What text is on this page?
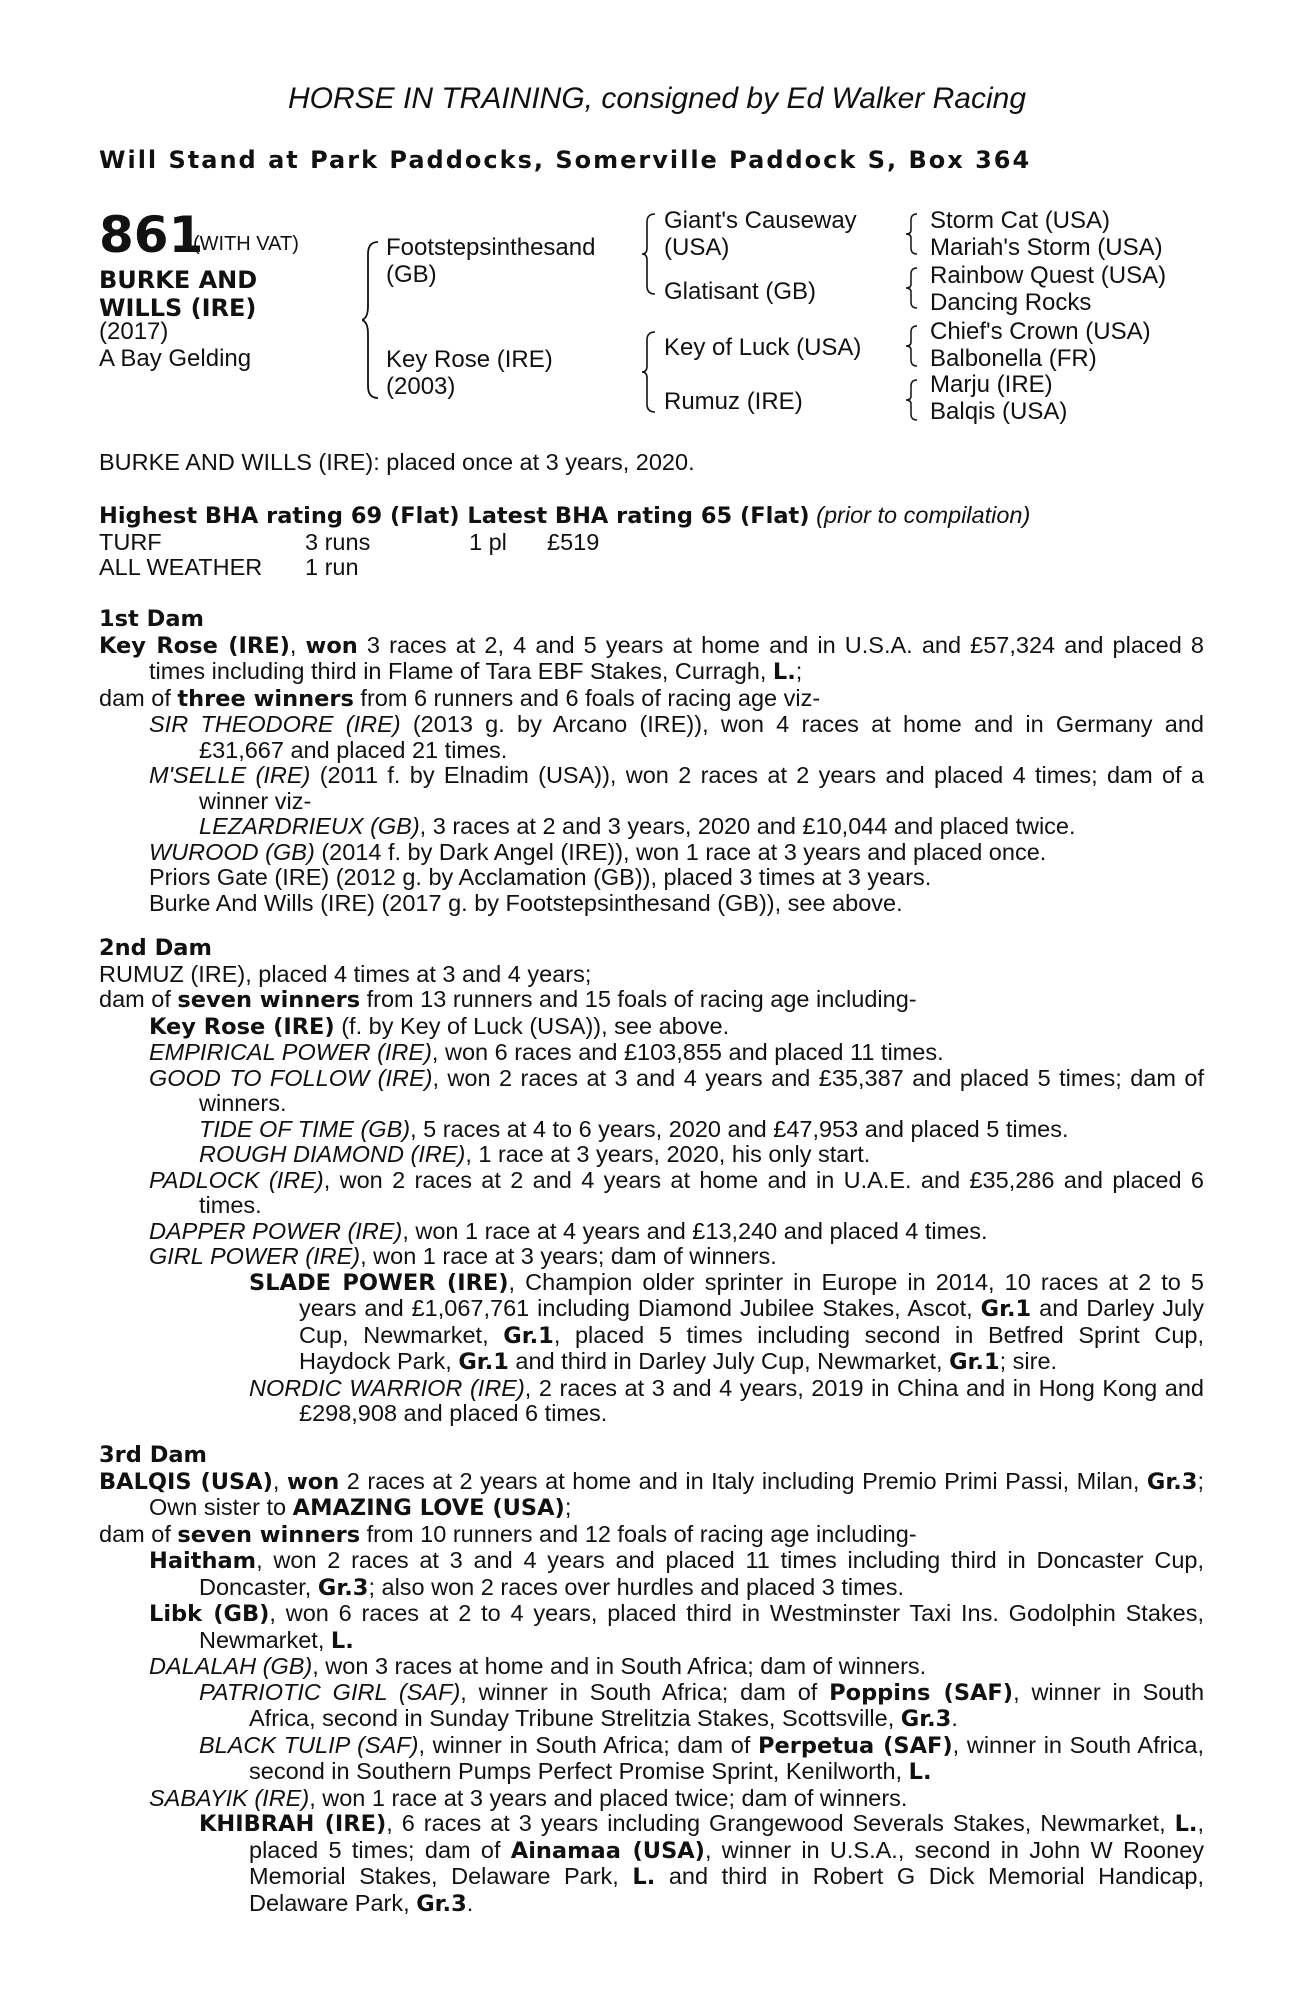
HORSE IN TRAINING, consigned by Ed Walker Racing
Will Stand at Park Paddocks, Somerville Paddock S, Box 364
861
(WITH VAT)
BURKE AND
WILLS (IRE)
(2017)
A Bay Gelding
Footstepsinthesand
(GB)
Key Rose (IRE)
(2003)
Giant's Causeway
(USA)
Glatisant (GB)
Key of Luck (USA)
Rumuz (IRE)
Storm Cat (USA)
Mariah's Storm (USA)
Rainbow Quest (USA)
Dancing Rocks
Chief's Crown (USA)
Balbonella (FR)
Marju (IRE)
Balqis (USA)
BURKE AND WILLS (IRE): placed once at 3 years, 2020.

Highest BHA rating 69 (Flat) Latest BHA rating 65 (Flat) (prior to compilation)

TURF	3 runs	1 pl £519
ALL WEATHER 1 run

1st Dam

Key Rose (IRE), won 3 races at 2, 4 and 5 years at home and in U.S.A. and £57,324 and placed 8 times including third in Flame of Tara EBF Stakes, Curragh, L.;

dam of three winners from 6 runners and 6 foals of racing age viz-

SIR THEODORE (IRE) (2013 g. by Arcano (IRE)), won 4 races at home and in Germany and £31,667 and placed 21 times.

M'SELLE (IRE) (2011 f. by Elnadim (USA)), won 2 races at 2 years and placed 4 times; dam of a winner viz-

LEZARDRIEUX (GB), 3 races at 2 and 3 years, 2020 and £10,044 and placed twice.

WUROOD (GB) (2014 f. by Dark Angel (IRE)), won 1 race at 3 years and placed once.

Priors Gate (IRE) (2012 g. by Acclamation (GB)), placed 3 times at 3 years.

Burke And Wills (IRE) (2017 g. by Footstepsinthesand (GB)), see above.

2nd Dam

RUMUZ (IRE), placed 4 times at 3 and 4 years;

dam of seven winners from 13 runners and 15 foals of racing age including-

Key Rose (IRE) (f. by Key of Luck (USA)), see above.

EMPIRICAL POWER (IRE), won 6 races and £103,855 and placed 11 times.

GOOD TO FOLLOW (IRE), won 2 races at 3 and 4 years and £35,387 and placed 5 times; dam of winners.

TIDE OF TIME (GB), 5 races at 4 to 6 years, 2020 and £47,953 and placed 5 times.

ROUGH DIAMOND (IRE), 1 race at 3 years, 2020, his only start.

PADLOCK (IRE), won 2 races at 2 and 4 years at home and in U.A.E. and £35,286 and placed 6 times.

DAPPER POWER (IRE), won 1 race at 4 years and £13,240 and placed 4 times.

GIRL POWER (IRE), won 1 race at 3 years; dam of winners.

SLADE POWER (IRE), Champion older sprinter in Europe in 2014, 10 races at 2 to 5 years and £1,067,761 including Diamond Jubilee Stakes, Ascot, Gr.1 and Darley July Cup, Newmarket, Gr.1, placed 5 times including second in Betfred Sprint Cup, Haydock Park, Gr.1 and third in Darley July Cup, Newmarket, Gr.1; sire.

NORDIC WARRIOR (IRE), 2 races at 3 and 4 years, 2019 in China and in Hong Kong and £298,908 and placed 6 times.

3rd Dam

BALQIS (USA), won 2 races at 2 years at home and in Italy including Premio Primi Passi, Milan, Gr.3; Own sister to AMAZING LOVE (USA);

dam of seven winners from 10 runners and 12 foals of racing age including-

Haitham, won 2 races at 3 and 4 years and placed 11 times including third in Doncaster Cup, Doncaster, Gr.3; also won 2 races over hurdles and placed 3 times.

Libk (GB), won 6 races at 2 to 4 years, placed third in Westminster Taxi Ins. Godolphin Stakes, Newmarket, L.

DALALAH (GB), won 3 races at home and in South Africa; dam of winners.

PATRIOTIC GIRL (SAF), winner in South Africa; dam of Poppins (SAF), winner in South Africa, second in Sunday Tribune Strelitzia Stakes, Scottsville, Gr.3.

BLACK TULIP (SAF), winner in South Africa; dam of Perpetua (SAF), winner in South Africa, second in Southern Pumps Perfect Promise Sprint, Kenilworth, L.

SABAYIK (IRE), won 1 race at 3 years and placed twice; dam of winners.

KHIBRAH (IRE), 6 races at 3 years including Grangewood Severals Stakes, Newmarket, L., placed 5 times; dam of Ainamaa (USA), winner in U.S.A., second in John W Rooney Memorial Stakes, Delaware Park, L. and third in Robert G Dick Memorial Handicap, Delaware Park, Gr.3.
